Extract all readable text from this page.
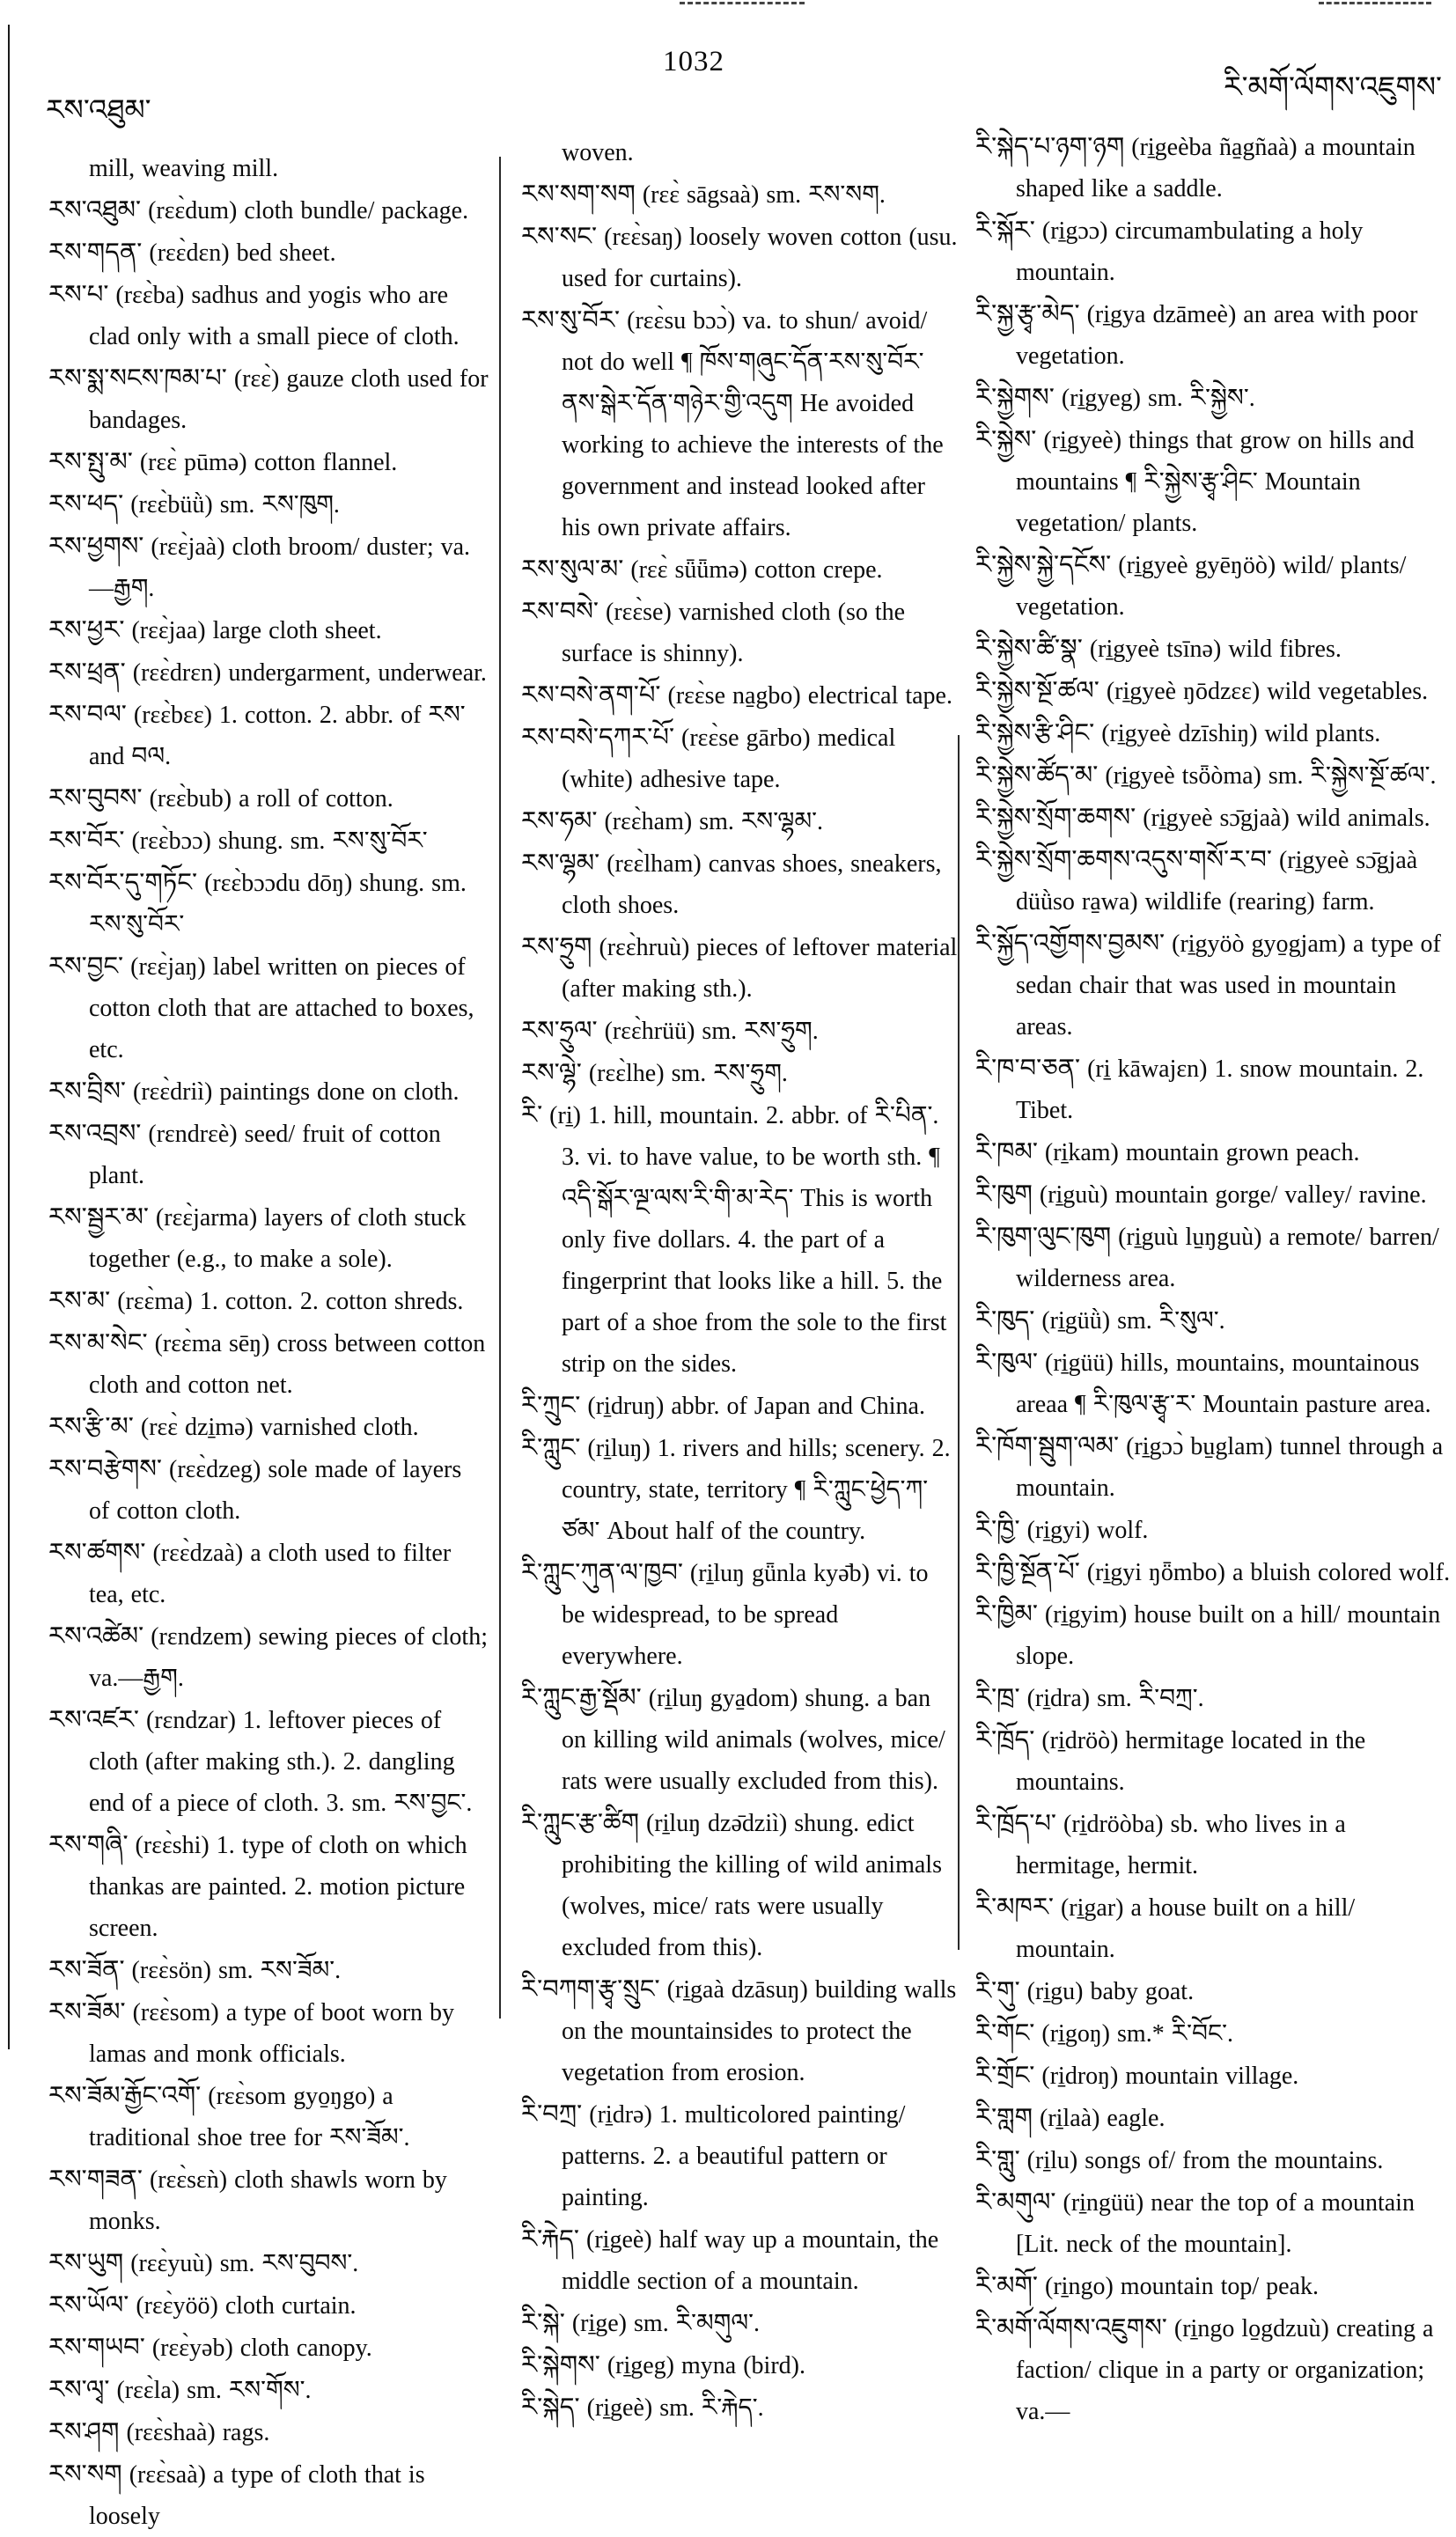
རས་འཐུམ་
1032
རི་མགོ་ལོགས་འཇུགས་

mill, weaving mill.

རས་འཐུམ་ (rɛɛ̀dum) cloth bundle/ package.

རས་གདན་ (rɛɛ̀dɛn) bed sheet.

རས་པ་ (rɛɛ̀ba) sadhus and yogis who are clad only with a small piece of cloth.

རས་སྨ་སངས་ཁམ་པ་ (rɛɛ̀) gauze cloth used for bandages.

རས་སྤུ་མ་ (rɛɛ̀ pūmə) cotton flannel.

རས་ཕད་ (rɛɛ̀büǜ) sm. རས་ཁུག.

རས་ཕྱགས་ (rɛɛ̀jaà) cloth broom/ duster; va.—རྒྱག.

རས་ཕྱར་ (rɛɛ̀jaa) large cloth sheet.

རས་ཕྲན་ (rɛɛ̀drɛn) undergarment, underwear.

རས་བལ་ (rɛɛ̀bɛɛ) 1. cotton. 2. abbr. of རས་ and བལ.

རས་བུབས་ (rɛɛ̀bub) a roll of cotton.

རས་བོར་ (rɛɛ̀bɔɔ) shung. sm. རས་སུ་བོར་

རས་བོར་དུ་གཏོང་ (rɛɛ̀bɔɔdu dōŋ) shung. sm. རས་སུ་བོར་

རས་བྱང་ (rɛɛ̀jaŋ) label written on pieces of cotton cloth that are attached to boxes, etc.

རས་བྲིས་ (rɛɛ̀driì) paintings done on cloth.

རས་འབྲས་ (rɛndrɛè) seed/ fruit of cotton plant.

རས་སྦྱར་མ་ (rɛɛ̀jarma) layers of cloth stuck together (e.g., to make a sole).

རས་མ་ (rɛɛ̀ma) 1. cotton. 2. cotton shreds.

རས་མ་སེང་ (rɛɛ̀ma sēŋ) cross between cotton cloth and cotton net.

རས་རྩི་མ་ (rɛɛ̀ dzi̱mə) varnished cloth.

རས་བརྩེགས་ (rɛɛ̀dzeg) sole made of layers of cotton cloth.

རས་ཚགས་ (rɛɛ̀dzaà) a cloth used to filter tea, etc.

རས་འཚེམ་ (rɛndzem) sewing pieces of cloth; va.—རྒྱག.

རས་འཛར་ (rɛndzar) 1. leftover pieces of cloth (after making sth.). 2. dangling end of a piece of cloth. 3. sm. རས་བྱང་.

རས་གཞི་ (rɛɛ̀shi) 1. type of cloth on which thankas are painted. 2. motion picture screen.

རས་ཟོན་ (rɛɛ̀sön) sm. རས་ཟོམ་.

རས་ཟོམ་ (rɛɛ̀som) a type of boot worn by lamas and monk officials.

རས་ཟོམ་རྒྱོང་འགོ་ (rɛɛ̀som gyo̱ŋgo) a traditional shoe tree for རས་ཟོམ་.

རས་གཟན་ (rɛɛ̀sɛǹ) cloth shawls worn by monks.

རས་ཡུག (rɛɛ̀yuù) sm. རས་བུབས་.

རས་ཡོལ་ (rɛɛ̀yöö) cloth curtain.

རས་གཡབ་ (rɛɛ̀yəb) cloth canopy.

རས་ལྭ་ (rɛɛ̀la) sm. རས་གོས་.

རས་ཤག (rɛɛ̀shaà) rags.

རས་སག (rɛɛ̀saà) a type of cloth that is loosely

woven.

རས་སག་སག (rɛɛ̀ sāgsaà) sm. རས་སག.

རས་སང་ (rɛɛ̀saŋ) loosely woven cotton (usu. used for curtains).

རས་སུ་བོར་ (rɛɛ̀su bɔɔ̀) va. to shun/ avoid/ not do well ¶ ཁོས་གཞུང་དོན་རས་སུ་བོར་ནས་སྒེར་དོན་གཉེར་གྱི་འདུག He avoided working to achieve the interests of the government and instead looked after his own private affairs.

རས་སུལ་མ་ (rɛɛ̀ sǖǖmə) cotton crepe.

རས་བསེ་ (rɛɛ̀se) varnished cloth (so the surface is shinny).

རས་བསེ་ནག་པོ་ (rɛɛ̀se na̱gbo) electrical tape.

རས་བསེ་དཀར་པོ་ (rɛɛ̀se gārbo) medical (white) adhesive tape.

རས་ཧམ་ (rɛɛ̀ham) sm. རས་ལྷམ་.

རས་ལྷམ་ (rɛɛ̀lham) canvas shoes, sneakers, cloth shoes.

རས་ཧྲུག (rɛɛ̀hruù) pieces of leftover material (after making sth.).

རས་ཧྲུལ་ (rɛɛ̀hrüü) sm. རས་ཧྲུག.

རས་ལྷེ་ (rɛɛ̀lhe) sm. རས་ཧྲུག.

རི་ (ri̱) 1. hill, mountain. 2. abbr. of རི་པིན་. 3. vi. to have value, to be worth sth. ¶ འདི་སྒོར་ལྔ་ལས་རི་གི་མ་རེད་ This is worth only five dollars. 4. the part of a fingerprint that looks like a hill. 5. the part of a shoe from the sole to the first strip on the sides.

རི་ཀྲུང་ (ri̱druŋ) abbr. of Japan and China.

རི་ཀླུང་ (ri̱luŋ) 1. rivers and hills; scenery. 2. country, state, territory ¶ རི་ཀླུང་ཕྱེད་ཀ་ཙམ་ About half of the country.

རི་ཀླུང་ཀུན་ལ་ཁྱབ་ (ri̱luŋ gǖnla kyə̄b) vi. to be widespread, to be spread everywhere.

རི་ཀླུང་རྒྱ་སྡོམ་ (ri̱luŋ gya̱dom) shung. a ban on killing wild animals (wolves, mice/ rats were usually excluded from this).

རི་ཀླུང་རྩ་ཚིག (ri̱luŋ dzə̄dziì) shung. edict prohibiting the killing of wild animals (wolves, mice/ rats were usually excluded from this).

རི་བཀག་རྩྭ་སྲུང་ (ri̱gaà dzāsuŋ) building walls on the mountainsides to protect the vegetation from erosion.

རི་བཀྲ་ (ri̱drə) 1. multicolored painting/ patterns. 2. a beautiful pattern or painting.

རི་རྐེད་ (ri̱geè) half way up a mountain, the middle section of a mountain.

རི་སྐེ་ (ri̱ge) sm. རི་མགུལ་.

རི་སྐེགས་ (ri̱geg) myna (bird).

རི་སྐེད་ (ri̱geè) sm. རི་རྐེད་.

རི་སྐེད་པ་ཉག་ཉག (ri̱geèba ña̱gñaà) a mountain shaped like a saddle.

རི་སྐོར་ (ri̱gɔɔ) circumambulating a holy mountain.

རི་སྐྱ་རྩྭ་མེད་ (ri̱gya dzāmeè) an area with poor vegetation.

རི་སྐྱེགས་ (ri̱gyeg) sm. རི་སྐྱེས་.

རི་སྐྱེས་ (ri̱gyeè) things that grow on hills and mountains ¶ རི་སྐྱེས་རྩྭ་ཤིང་ Mountain vegetation/ plants.

རི་སྐྱེས་སྐྱེ་དངོས་ (ri̱gyeè gyēŋöò) wild/ plants/ vegetation.

རི་སྐྱེས་ཚི་སྣ་ (ri̱gyeè tsīnə) wild fibres.

རི་སྐྱེས་སྔོ་ཚལ་ (ri̱gyeè ŋōdzɛɛ) wild vegetables.

རི་སྐྱེས་རྩི་ཤིང་ (ri̱gyeè dzīshiŋ) wild plants.

རི་སྐྱེས་ཚོད་མ་ (ri̱gyeè tsȫòma) sm. རི་སྐྱེས་སྔོ་ཚལ་.

རི་སྐྱེས་སྲོག་ཆགས་ (ri̱gyeè sɔ̄gjaà) wild animals.

རི་སྐྱེས་སྲོག་ཆགས་འདུས་གསོ་ར་བ་ (ri̱gyeè sɔ̄gjaà düǜso ra̱wa) wildlife (rearing) farm.

རི་སྐྱོད་འགྱོགས་བྱམས་ (ri̱gyöò gyo̱gjam) a type of sedan chair that was used in mountain areas.

རི་ཁ་བ་ཅན་ (ri̱ kāwajɛn) 1. snow mountain. 2. Tibet.

རི་ཁམ་ (ri̱kam) mountain grown peach.

རི་ཁུག (ri̱guù) mountain gorge/ valley/ ravine.

རི་ཁུག་ལུང་ཁུག (ri̱guù lu̱ŋguù) a remote/ barren/ wilderness area.

རི་ཁུད་ (ri̱güǜ) sm. རི་སུལ་.

རི་ཁུལ་ (ri̱güü) hills, mountains, mountainous areaa ¶ རི་ཁུལ་རྩྭ་ར་ Mountain pasture area.

རི་ཁོག་སྦུག་ལམ་ (ri̱gɔɔ̀ bu̱glam) tunnel through a mountain.

རི་ཁྱི་ (ri̱gyi) wolf.

རི་ཁྱི་སྔོན་པོ་ (ri̱gyi ŋȫmbo) a bluish colored wolf.

རི་ཁྱིམ་ (ri̱gyim) house built on a hill/ mountain slope.

རི་ཁྲ་ (ri̱dra) sm. རི་བཀྲ་.

རི་ཁྲོད་ (ri̱dröò) hermitage located in the mountains.

རི་ཁྲོད་པ་ (ri̱dröòba) sb. who lives in a hermitage, hermit.

རི་མཁར་ (ri̱gar) a house built on a hill/ mountain.

རི་གུ་ (ri̱gu) baby goat.

རི་གོང་ (ri̱goŋ) sm.* རི་བོང་.

རི་གྲོང་ (ri̱droŋ) mountain village.

རི་གླག (ri̱laà) eagle.

རི་གླུ་ (ri̱lu) songs of/ from the mountains.

རི་མགུལ་ (ri̱ngüü) near the top of a mountain [Lit. neck of the mountain].

རི་མགོ་ (ri̱ngo) mountain top/ peak.

རི་མགོ་ལོགས་འཇུགས་ (ri̱ngo lo̱gdzuù) creating a faction/ clique in a party or organization; va.—
